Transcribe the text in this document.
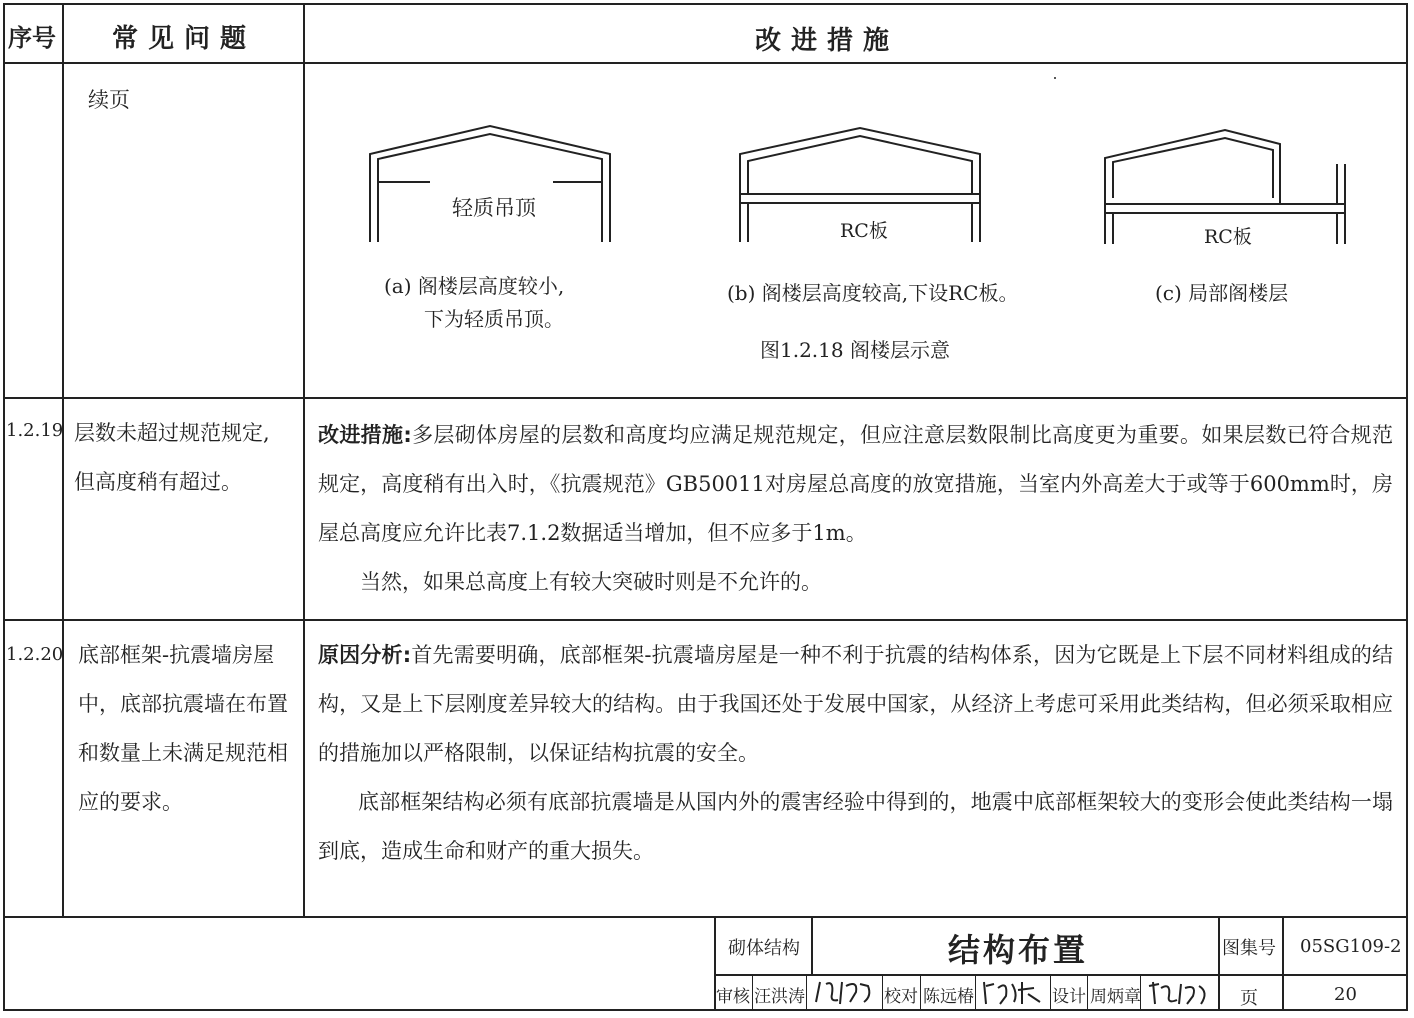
序号 常见问题	改进措施
续页
轻质吊顶
RC板	RC板
(a) 阁楼层高度较小,
下为轻质吊顶。
(b) 阁楼层高度较高,下设RC板。	(c) 局部阁楼层
图1.2.18 阁楼层示意
1.2.19 层数未超过规范规定,
但高度稍有超过。
改进措施:多层砌体房屋的层数和高度均应满足规范规定，但应注意层数限制比高度更为重要。如果层数已符合规范规定，高度稍有出入时，《抗震规范》GB50011对房屋总高度的放宽措施，当室内外高差大于或等于600mm时，房屋总高度应允许比表7.1.2数据适当增加，但不应多于1m。
当然，如果总高度上有较大突破时则是不允许的。
1.2.20 底部框架-抗震墙房屋
中，底部抗震墙在布置
和数量上未满足规范相
应的要求。
原因分析:首先需要明确，底部框架-抗震墙房屋是一种不利于抗震的结构体系，因为它既是上下层不同材料组成的结构，又是上下层刚度差异较大的结构。由于我国还处于发展中国家，从经济上考虑可采用此类结构，但必须采取相应的措施加以严格限制，以保证结构抗震的安全。
底部框架结构必须有底部抗震墙是从国内外的震害经验中得到的，地震中底部框架较大的变形会使此类结构一塌到底，造成生命和财产的重大损失。
砌体结构	结构布置	图集号 05SG109-2
审核 汪洪涛	校对 陈远椿	设计 周炳章	页	20
